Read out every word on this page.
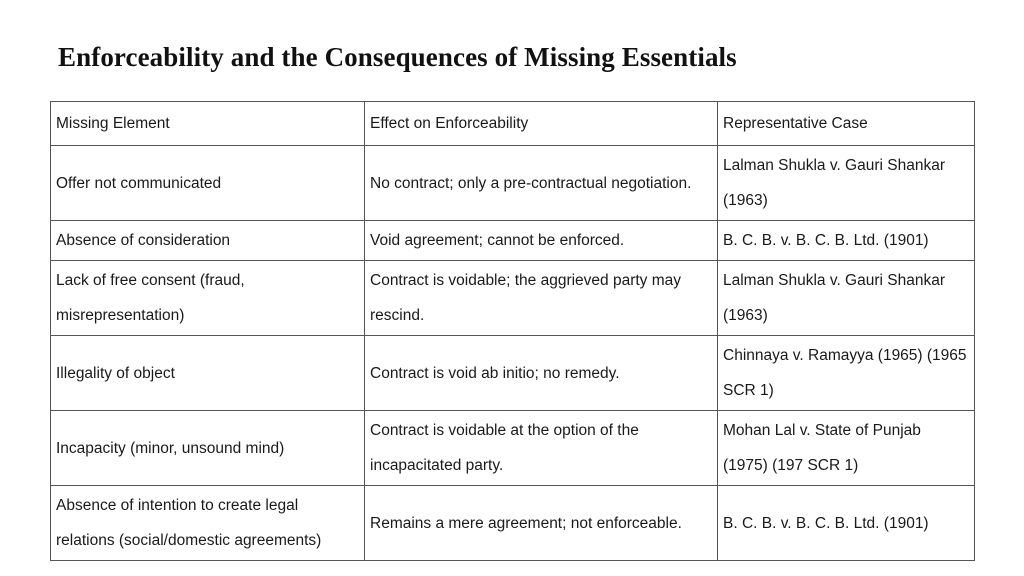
Enforceability and the Consequences of Missing Essentials
Missing Element	Effect on Enforceability	Representative Case
Offer not communicated	No contract; only a pre-contractual negotiation.	Lalman Shukla v. Gauri Shankar (1963)
Absence of consideration	Void agreement; cannot be enforced.	B. C. B. v. B. C. B. Ltd. (1901)
Lack of free consent (fraud, misrepresentation)	Contract is voidable; the aggrieved party may rescind.	Lalman Shukla v. Gauri Shankar (1963)
Illegality of object	Contract is void ab initio; no remedy.	Chinnaya v. Ramayya (1965) (1965 SCR 1)
Incapacity (minor, unsound mind)	Contract is voidable at the option of the incapacitated party.	Mohan Lal v. State of Punjab (1975) (197 SCR 1)
Absence of intention to create legal relations (social/domestic agreements)	Remains a mere agreement; not enforceable.	B. C. B. v. B. C. B. Ltd. (1901)
